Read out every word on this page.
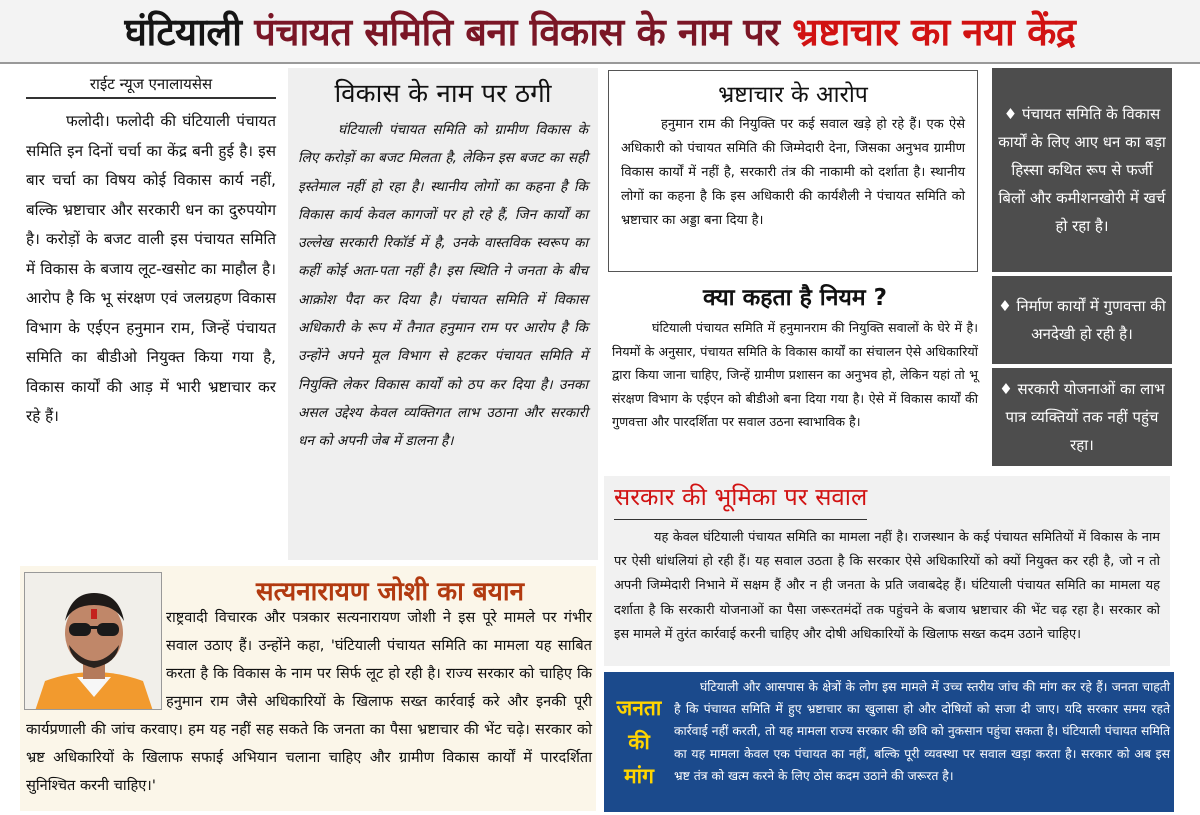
घंटियाली
पंचायत समिति बना विकास के नाम पर
भ्रष्टाचार का नया केंद्र
राईट न्यूज एनालायसेस

फलोदी। फलोदी की घंटियाली पंचायत समिति इन दिनों चर्चा का केंद्र बनी हुई है। इस बार चर्चा का विषय कोई विकास कार्य नहीं, बल्कि भ्रष्टाचार और सरकारी धन का दुरुपयोग है। करोड़ों के बजट वाली इस पंचायत समिति में विकास के बजाय लूट-खसोट का माहौल है। आरोप है कि भू संरक्षण एवं जलग्रहण विकास विभाग के एईएन हनुमान राम, जिन्हें पंचायत समिति का बीडीओ नियुक्त किया गया है, विकास कार्यों की आड़ में भारी भ्रष्टाचार कर रहे हैं।

विकास के नाम पर ठगी

घंटियाली पंचायत समिति को ग्रामीण विकास के लिए करोड़ों का बजट मिलता है, लेकिन इस बजट का सही इस्तेमाल नहीं हो रहा है। स्थानीय लोगों का कहना है कि विकास कार्य केवल कागजों पर हो रहे हैं, जिन कार्यों का उल्लेख सरकारी रिकॉर्ड में है, उनके वास्तविक स्वरूप का कहीं कोई अता-पता नहीं है। इस स्थिति ने जनता के बीच आक्रोश पैदा कर दिया है। पंचायत समिति में विकास अधिकारी के रूप में तैनात हनुमान राम पर आरोप है कि उन्होंने अपने मूल विभाग से हटकर पंचायत समिति में नियुक्ति लेकर विकास कार्यों को ठप कर दिया है। उनका असल उद्देश्य केवल व्यक्तिगत लाभ उठाना और सरकारी धन को अपनी जेब में डालना है।

भ्रष्टाचार के आरोप

हनुमान राम की नियुक्ति पर कई सवाल खड़े हो रहे हैं। एक ऐसे अधिकारी को पंचायत समिति की जिम्मेदारी देना, जिसका अनुभव ग्रामीण विकास कार्यों में नहीं है, सरकारी तंत्र की नाकामी को दर्शाता है। स्थानीय लोगों का कहना है कि इस अधिकारी की कार्यशैली ने पंचायत समिति को भ्रष्टाचार का अड्डा बना दिया है।

क्या कहता है नियम ?

घंटियाली पंचायत समिति में हनुमानराम की नियुक्ति सवालों के घेरे में है। नियमों के अनुसार, पंचायत समिति के विकास कार्यों का संचालन ऐसे अधिकारियों द्वारा किया जाना चाहिए, जिन्हें ग्रामीण प्रशासन का अनुभव हो, लेकिन यहां तो भू संरक्षण विभाग के एईएन को बीडीओ बना दिया गया है। ऐसे में विकास कार्यों की गुणवत्ता और पारदर्शिता पर सवाल उठना स्वाभाविक है।

♦ पंचायत समिति के विकास कार्यों के लिए आए धन का बड़ा हिस्सा कथित रूप से फर्जी बिलों और कमीशनखोरी में खर्च हो रहा है।
♦ निर्माण कार्यों में गुणवत्ता की अनदेखी हो रही है।
♦ सरकारी योजनाओं का लाभ पात्र व्यक्तियों तक नहीं पहुंच रहा।
सरकार की भूमिका पर सवाल

यह केवल घंटियाली पंचायत समिति का मामला नहीं है। राजस्थान के कई पंचायत समितियों में विकास के नाम पर ऐसी धांधलियां हो रही हैं। यह सवाल उठता है कि सरकार ऐसे अधिकारियों को क्यों नियुक्त कर रही है, जो न तो अपनी जिम्मेदारी निभाने में सक्षम हैं और न ही जनता के प्रति जवाबदेह हैं। घंटियाली पंचायत समिति का मामला यह दर्शाता है कि सरकारी योजनाओं का पैसा जरूरतमंदों तक पहुंचने के बजाय भ्रष्टाचार की भेंट चढ़ रहा है। सरकार को इस मामले में तुरंत कार्रवाई करनी चाहिए और दोषी अधिकारियों के खिलाफ सख्त कदम उठाने चाहिए।

सत्यनारायण जोशी का बयान
राष्ट्रवादी विचारक और पत्रकार सत्यनारायण जोशी ने इस पूरे मामले पर गंभीर सवाल उठाए हैं। उन्होंने कहा, 'घंटियाली पंचायत समिति का मामला यह साबित करता है कि विकास के नाम पर सिर्फ लूट हो रही है। राज्य सरकार को चाहिए कि हनुमान राम जैसे अधिकारियों के खिलाफ सख्त कार्रवाई करे और इनकी पूरी कार्यप्रणाली की जांच करवाए। हम यह नहीं सह सकते कि जनता का पैसा भ्रष्टाचार की भेंट चढ़े। सरकार को भ्रष्ट अधिकारियों के खिलाफ सफाई अभियान चलाना चाहिए और ग्रामीण विकास कार्यों में पारदर्शिता सुनिश्चित करनी चाहिए।'
जनता
की
मांग

घंटियाली और आसपास के क्षेत्रों के लोग इस मामले में उच्च स्तरीय जांच की मांग कर रहे हैं। जनता चाहती है कि पंचायत समिति में हुए भ्रष्टाचार का खुलासा हो और दोषियों को सजा दी जाए। यदि सरकार समय रहते कार्रवाई नहीं करती, तो यह मामला राज्य सरकार की छवि को नुकसान पहुंचा सकता है। घंटियाली पंचायत समिति का यह मामला केवल एक पंचायत का नहीं, बल्कि पूरी व्यवस्था पर सवाल खड़ा करता है। सरकार को अब इस भ्रष्ट तंत्र को खत्म करने के लिए ठोस कदम उठाने की जरूरत है।
